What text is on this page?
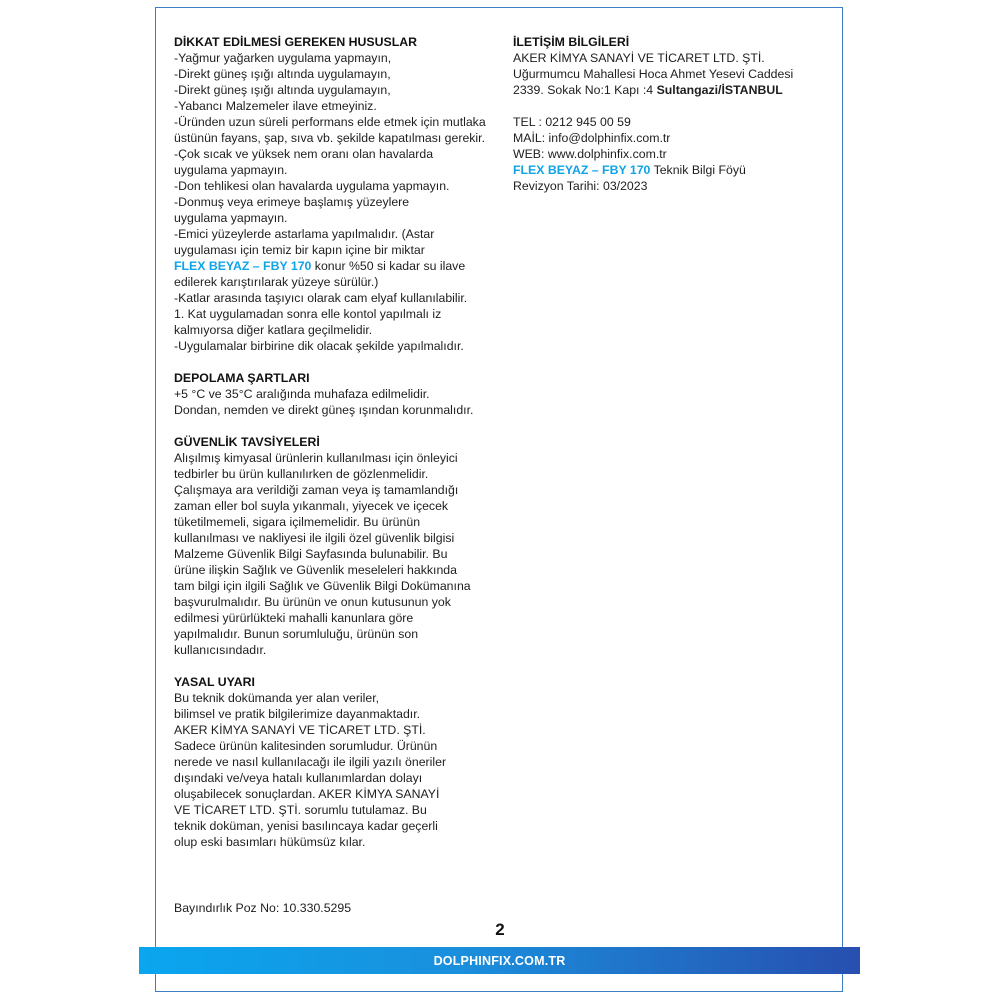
DİKKAT EDİLMESİ GEREKEN HUSUSLAR
-Yağmur yağarken uygulama yapmayın,
-Direkt güneş ışığı altında uygulamayın,
-Direkt güneş ışığı altında uygulamayın,
-Yabancı Malzemeler ilave etmeyiniz.
-Üründen uzun süreli performans elde etmek için mutlaka
üstünün fayans, şap, sıva vb. şekilde kapatılması gerekir.
-Çok sıcak ve yüksek nem oranı olan havalarda
uygulama yapmayın.
-Don tehlikesi olan havalarda uygulama yapmayın.
-Donmuş veya erimeye başlamış yüzeylere
uygulama yapmayın.
-Emici yüzeylerde astarlama yapılmalıdır. (Astar
uygulaması için temiz bir kapın içine bir miktar
FLEX BEYAZ – FBY 170 konur %50 si kadar su ilave
edilerek karıştırılarak yüzeye sürülür.)
-Katlar arasında taşıyıcı olarak cam elyaf kullanılabilir.
1. Kat uygulamadan sonra elle kontol yapılmalı iz
kalmıyorsa diğer katlara geçilmelidir.
-Uygulamalar birbirine dik olacak şekilde yapılmalıdır.
DEPOLAMA ŞARTLARI
+5 °C ve 35°C aralığında muhafaza edilmelidir.
Dondan, nemden ve direkt güneş ışından korunmalıdır.
GÜVENLİK TAVSİYELERİ
Alışılmış kimyasal ürünlerin kullanılması için önleyici
tedbirler bu ürün kullanılırken de gözlenmelidir.
Çalışmaya ara verildiği zaman veya iş tamamlandığı
zaman eller bol suyla yıkanmalı, yiyecek ve içecek
tüketilmemeli, sigara içilmemelidir. Bu ürünün
kullanılması ve nakliyesi ile ilgili özel güvenlik bilgisi
Malzeme Güvenlik Bilgi Sayfasında bulunabilir. Bu
ürüne ilişkin Sağlık ve Güvenlik meseleleri hakkında
tam bilgi için ilgili Sağlık ve Güvenlik Bilgi Dokümanına
başvurulmalıdır. Bu ürünün ve onun kutusunun yok
edilmesi yürürlükteki mahalli kanunlara göre
yapılmalıdır. Bunun sorumluluğu, ürünün son
kullanıcısındadır.
YASAL UYARI
Bu teknik dokümanda yer alan veriler,
bilimsel ve pratik bilgilerimize dayanmaktadır.
AKER KİMYA SANAYİ VE TİCARET LTD. ŞTİ.
Sadece ürünün kalitesinden sorumludur. Ürünün
nerede ve nasıl kullanılacağı ile ilgili yazılı öneriler
dışındaki ve/veya hatalı kullanımlardan dolayı
oluşabilecek sonuçlardan. AKER KİMYA SANAYİ
VE TİCARET LTD. ŞTİ. sorumlu tutulamaz. Bu
teknik doküman, yenisi basılıncaya kadar geçerli
olup eski basımları hükümsüz kılar.
İLETİŞİM BİLGİLERİ
AKER KİMYA SANAYİ VE TİCARET LTD. ŞTİ.
Uğurmumcu Mahallesi Hoca Ahmet Yesevi Caddesi
2339. Sokak No:1 Kapı :4 Sultangazi/İSTANBUL
TEL : 0212 945 00 59
MAİL: info@dolphinfix.com.tr
WEB: www.dolphinfix.com.tr
FLEX BEYAZ – FBY 170 Teknik Bilgi Föyü
Revizyon Tarihi: 03/2023
Bayındırlık Poz No: 10.330.5295
2
DOLPHINFIX.COM.TR
